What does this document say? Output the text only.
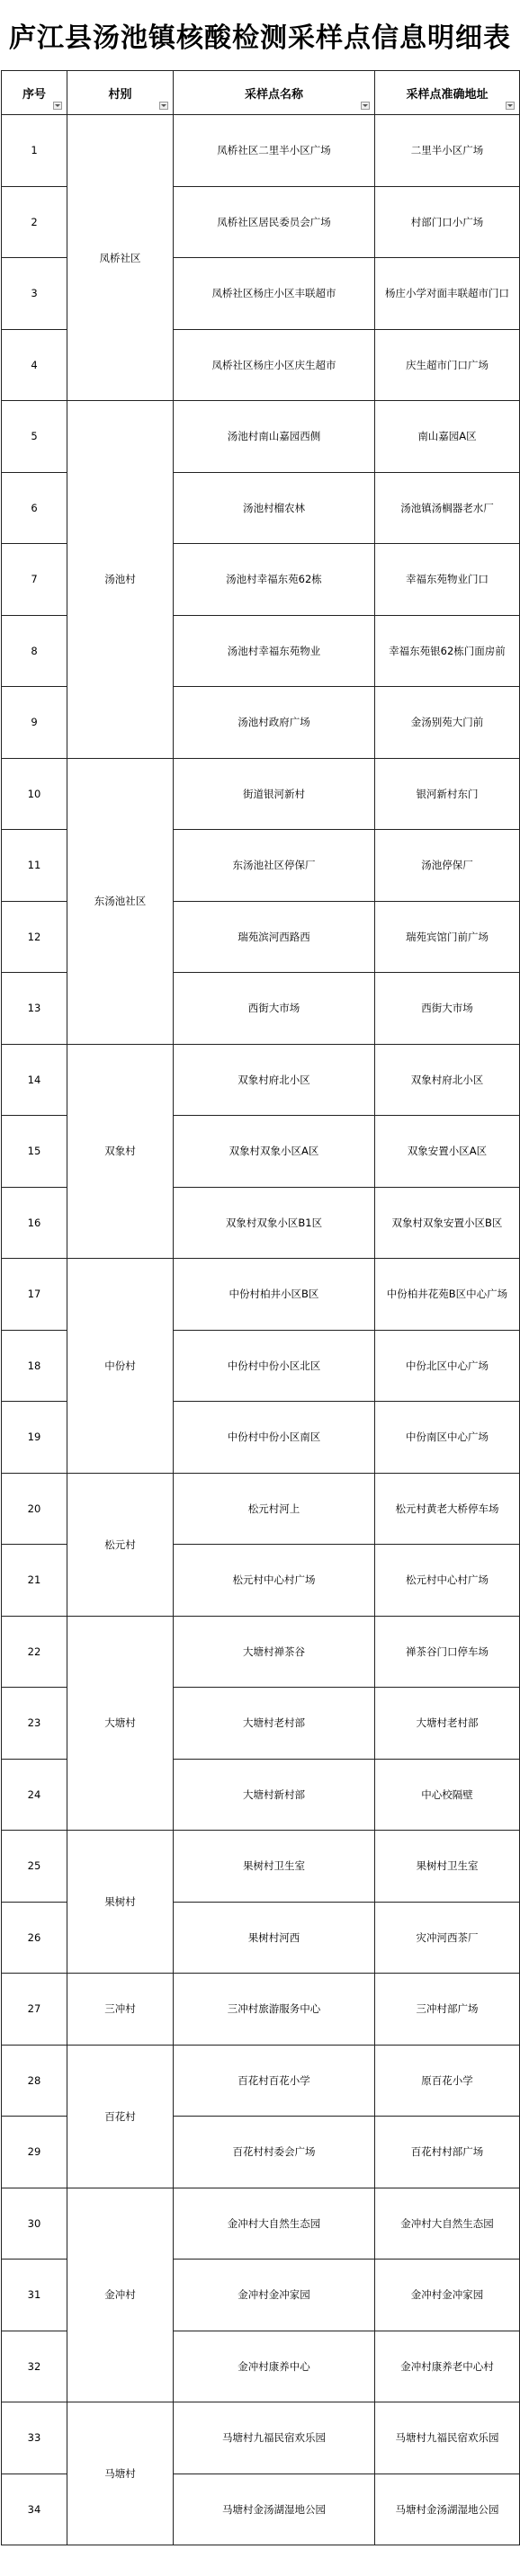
庐江县汤池镇核酸检测采样点信息明细表
序号	村别	采样点名称	采样点准确地址

1	凤桥社区	凤桥社区二里半小区广场	二里半小区广场
2		凤桥社区居民委员会广场	村部门口小广场
3		凤桥社区杨庄小区丰联超市	杨庄小学对面丰联超市门口
4		凤桥社区杨庄小区庆生超市	庆生超市门口广场
5	汤池村	汤池村南山嘉园西侧	南山嘉园A区
6		汤池村榴农林	汤池镇汤榈器老水厂
7		汤池村幸福东苑62栋	幸福东苑物业门口
8		汤池村幸福东苑物业	幸福东苑银62栋门面房前
9		汤池村政府广场	金汤别苑大门前
10	东汤池社区	街道银河新村	银河新村东门
11		东汤池社区停保厂	汤池停保厂
12		瑞苑滨河西路西	瑞苑宾馆门前广场
13		西街大市场	西街大市场
14	双象村	双象村府北小区	双象村府北小区
15		双象村双象小区A区	双象安置小区A区
16		双象村双象小区B1区	双象村双象安置小区B区
17	中份村	中份村柏井小区B区	中份柏井花苑B区中心广场
18		中份村中份小区北区	中份北区中心广场
19		中份村中份小区南区	中份南区中心广场
20	松元村	松元村河上	松元村黄老大桥停车场
21		松元村中心村广场	松元村中心村广场
22	大塘村	大塘村禅茶谷	禅茶谷门口停车场
23		大塘村老村部	大塘村老村部
24		大塘村新村部	中心校隔壁
25	果树村	果树村卫生室	果树村卫生室
26		果树村河西	灾冲河西茶厂
27	三冲村	三冲村旅游服务中心	三冲村部广场
28	百花村	百花村百花小学	原百花小学
29		百花村村委会广场	百花村村部广场
30	金冲村	金冲村大自然生态园	金冲村大自然生态园
31		金冲村金冲家园	金冲村金冲家园
32		金冲村康养中心	金冲村康养老中心村
33	马塘村	马塘村九福民宿欢乐园	马塘村九福民宿欢乐园
34		马塘村金汤湖湿地公园	马塘村金汤湖湿地公园
